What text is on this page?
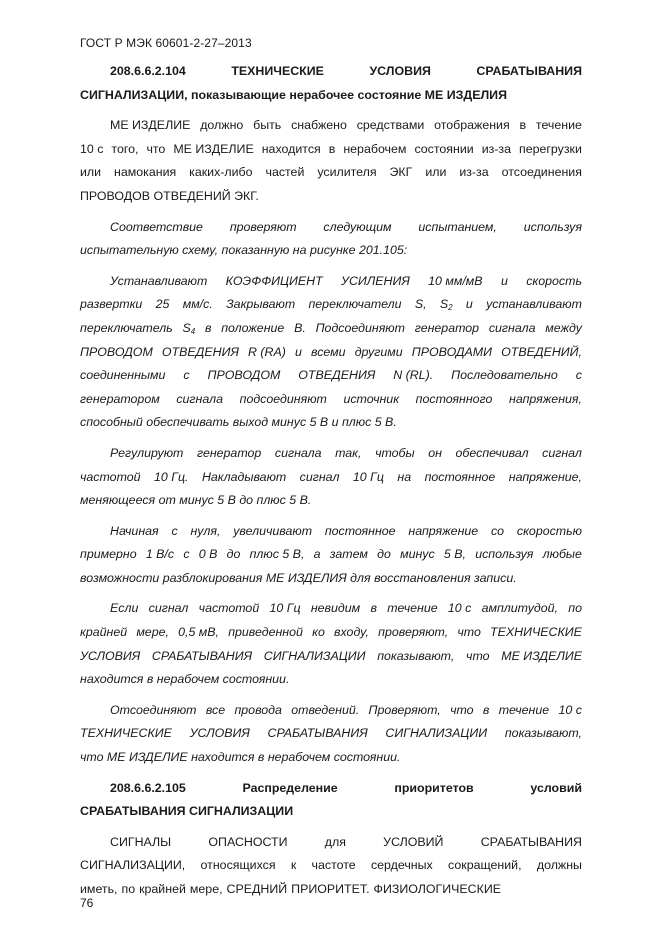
ГОСТ Р МЭК 60601-2-27–2013
208.6.6.2.104	ТЕХНИЧЕСКИЕ	УСЛОВИЯ	СРАБАТЫВАНИЯ
СИГНАЛИЗАЦИИ, показывающие нерабочее состояние МЕ ИЗДЕЛИЯ
МЕ ИЗДЕЛИЕ должно быть снабжено средствами отображения в течение
10 с того, что МЕ ИЗДЕЛИЕ находится в нерабочем состоянии из-за перегрузки
или намокания каких-либо частей усилителя ЭКГ или из-за отсоединения
ПРОВОДОВ ОТВЕДЕНИЙ ЭКГ.
Соответствие проверяют следующим испытанием, используя
испытательную схему, показанную на рисунке 201.105:
Устанавливают КОЭФФИЦИЕНТ УСИЛЕНИЯ 10 мм/мВ и скорость
развертки 25 мм/с. Закрывают переключатели S, $S_2$ и устанавливают
переключатель $S_4$ в положение В. Подсоединяют генератор сигнала между
ПРОВОДОМ ОТВЕДЕНИЯ R (RA) и всеми другими ПРОВОДАМИ ОТВЕДЕНИЙ,
соединенными с ПРОВОДОМ ОТВЕДЕНИЯ N (RL). Последовательно с
генератором сигнала подсоединяют источник постоянного напряжения,
способный обеспечивать выход минус 5 В и плюс 5 В.
Регулируют генератор сигнала так, чтобы он обеспечивал сигнал
частотой 10 Гц. Накладывают сигнал 10 Гц на постоянное напряжение,
меняющееся от минус 5 В до плюс 5 В.
Начиная с нуля, увеличивают постоянное напряжение со скоростью
примерно 1 В/с с 0 В до плюс 5 В, а затем до минус 5 В, используя любые
возможности разблокирования МЕ ИЗДЕЛИЯ для восстановления записи.
Если сигнал частотой 10 Гц невидим в течение 10 с амплитудой, по
крайней мере, 0,5 мВ, приведенной ко входу, проверяют, что ТЕХНИЧЕСКИЕ
УСЛОВИЯ СРАБАТЫВАНИЯ СИГНАЛИЗАЦИИ показывают, что МЕ ИЗДЕЛИЕ
находится в нерабочем состоянии.
Отсоединяют все провода отведений. Проверяют, что в течение 10 с
ТЕХНИЧЕСКИЕ УСЛОВИЯ СРАБАТЫВАНИЯ СИГНАЛИЗАЦИИ показывают,
что МЕ ИЗДЕЛИЕ находится в нерабочем состоянии.
208.6.6.2.105	Распределение	приоритетов	условий
СРАБАТЫВАНИЯ СИГНАЛИЗАЦИИ
СИГНАЛЫ	ОПАСНОСТИ	для	УСЛОВИЙ	СРАБАТЫВАНИЯ
СИГНАЛИЗАЦИИ, относящихся к частоте сердечных сокращений, должны
иметь, по крайней мере, СРЕДНИЙ ПРИОРИТЕТ. ФИЗИОЛОГИЧЕСКИЕ
76
